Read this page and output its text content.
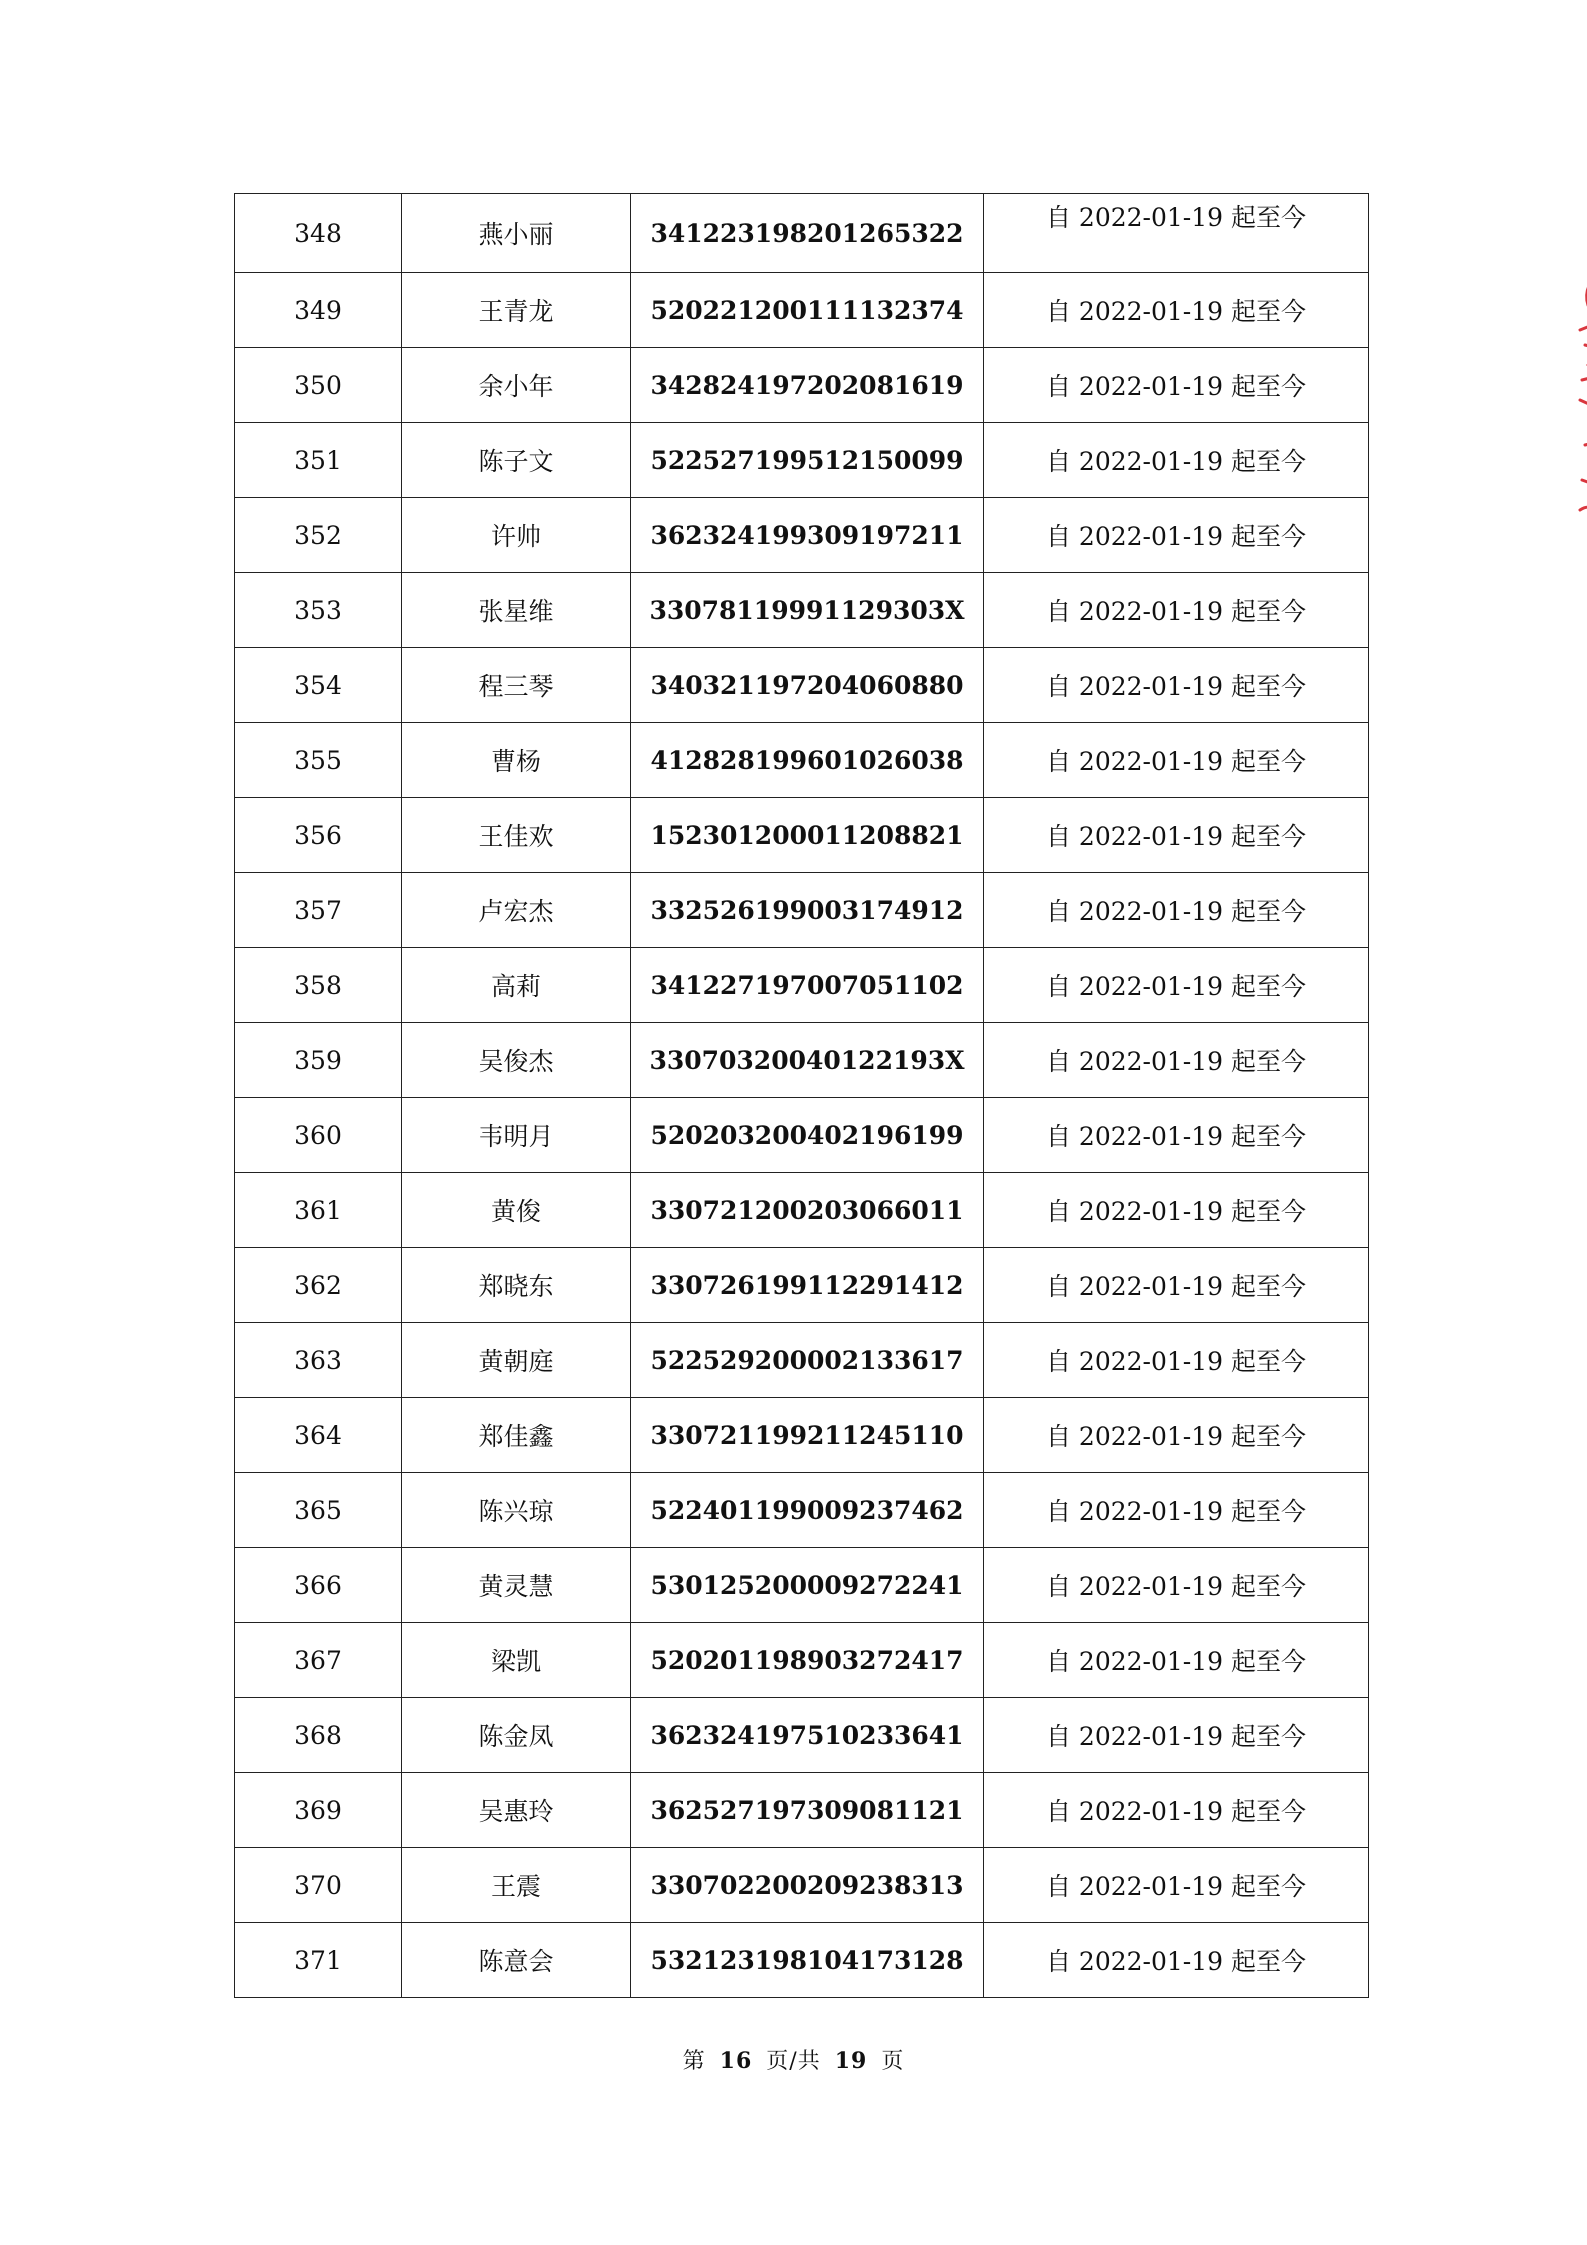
348	燕小丽	341223198201265322	自 2022-01-19 起至今
349	王青龙	520221200111132374	自 2022-01-19 起至今
350	余小年	342824197202081619	自 2022-01-19 起至今
351	陈子文	522527199512150099	自 2022-01-19 起至今
352	许帅	362324199309197211	自 2022-01-19 起至今
353	张星维	33078119991129303X	自 2022-01-19 起至今
354	程三琴	340321197204060880	自 2022-01-19 起至今
355	曹杨	412828199601026038	自 2022-01-19 起至今
356	王佳欢	152301200011208821	自 2022-01-19 起至今
357	卢宏杰	332526199003174912	自 2022-01-19 起至今
358	高莉	341227197007051102	自 2022-01-19 起至今
359	吴俊杰	33070320040122193X	自 2022-01-19 起至今
360	韦明月	520203200402196199	自 2022-01-19 起至今
361	黄俊	330721200203066011	自 2022-01-19 起至今
362	郑晓东	330726199112291412	自 2022-01-19 起至今
363	黄朝庭	522529200002133617	自 2022-01-19 起至今
364	郑佳鑫	330721199211245110	自 2022-01-19 起至今
365	陈兴琼	522401199009237462	自 2022-01-19 起至今
366	黄灵慧	530125200009272241	自 2022-01-19 起至今
367	梁凯	520201198903272417	自 2022-01-19 起至今
368	陈金凤	362324197510233641	自 2022-01-19 起至今
369	吴惠玲	362527197309081121	自 2022-01-19 起至今
370	王震	330702200209238313	自 2022-01-19 起至今
371	陈意会	532123198104173128	自 2022-01-19 起至今
第 16 页/共 19 页
